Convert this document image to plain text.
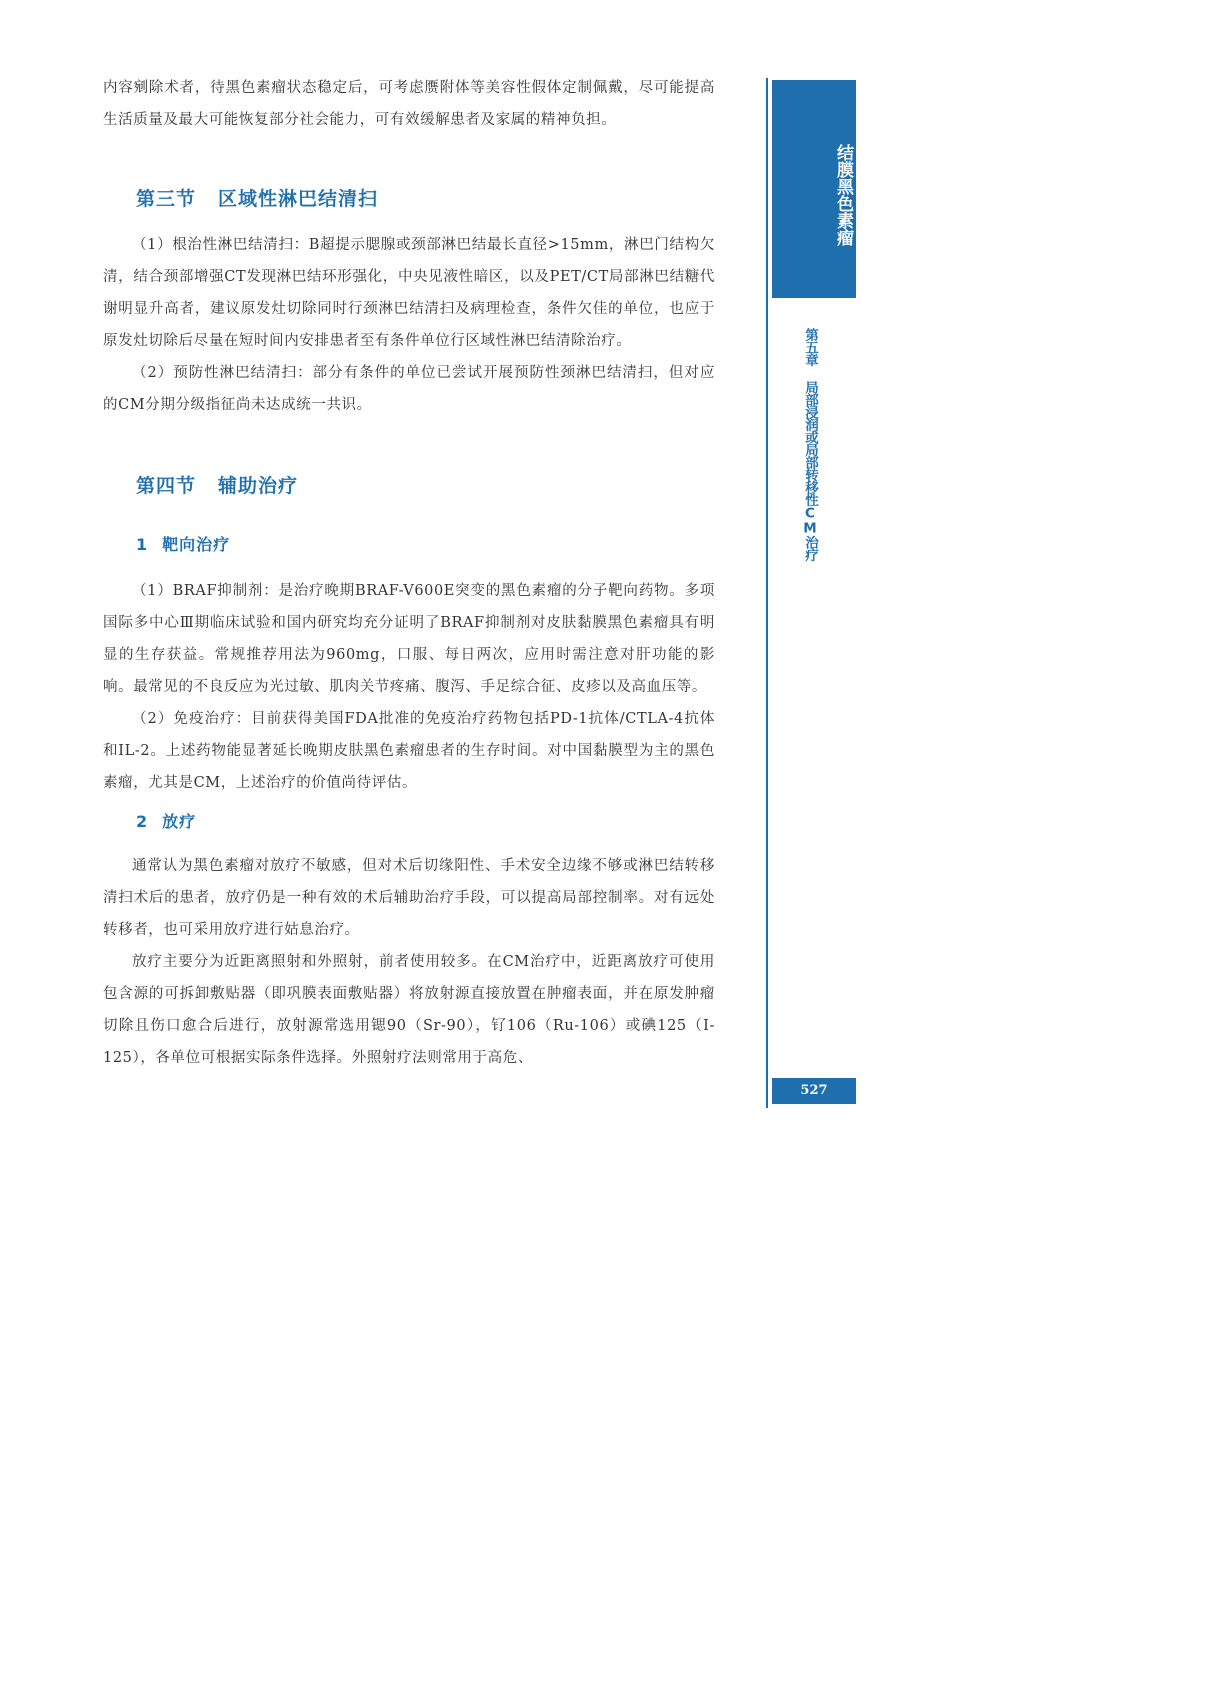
内容剜除术者，待黑色素瘤状态稳定后，可考虑赝附体等美容性假体定制佩戴，尽可能提高生活质量及最大可能恢复部分社会能力，可有效缓解患者及家属的精神负担。

第三节 区域性淋巴结清扫

（1）根治性淋巴结清扫：B超提示腮腺或颈部淋巴结最长直径>15mm，淋巴门结构欠清，结合颈部增强CT发现淋巴结环形强化，中央见液性暗区，以及PET/CT局部淋巴结糖代谢明显升高者，建议原发灶切除同时行颈淋巴结清扫及病理检查，条件欠佳的单位，也应于原发灶切除后尽量在短时间内安排患者至有条件单位行区域性淋巴结清除治疗。

（2）预防性淋巴结清扫：部分有条件的单位已尝试开展预防性颈淋巴结清扫，但对应的CM分期分级指征尚未达成统一共识。

第四节 辅助治疗
1 靶向治疗

（1）BRAF抑制剂：是治疗晚期BRAF-V600E突变的黑色素瘤的分子靶向药物。多项国际多中心Ⅲ期临床试验和国内研究均充分证明了BRAF抑制剂对皮肤黏膜黑色素瘤具有明显的生存获益。常规推荐用法为960mg，口服、每日两次，应用时需注意对肝功能的影响。最常见的不良反应为光过敏、肌肉关节疼痛、腹泻、手足综合征、皮疹以及高血压等。

（2）免疫治疗：目前获得美国FDA批准的免疫治疗药物包括PD-1抗体/CTLA-4抗体和IL-2。上述药物能显著延长晚期皮肤黑色素瘤患者的生存时间。对中国黏膜型为主的黑色素瘤，尤其是CM，上述治疗的价值尚待评估。

2 放疗

通常认为黑色素瘤对放疗不敏感，但对术后切缘阳性、手术安全边缘不够或淋巴结转移清扫术后的患者，放疗仍是一种有效的术后辅助治疗手段，可以提高局部控制率。对有远处转移者，也可采用放疗进行姑息治疗。

放疗主要分为近距离照射和外照射，前者使用较多。在CM治疗中，近距离放疗可使用包含源的可拆卸敷贴器（即巩膜表面敷贴器）将放射源直接放置在肿瘤表面，并在原发肿瘤切除且伤口愈合后进行，放射源常选用锶90（Sr-90），钌106（Ru-106）或碘125（I-125），各单位可根据实际条件选择。外照射疗法则常用于高危、

结膜黑色素瘤
第五章 局部浸润或局部转移性CM治疗
527
